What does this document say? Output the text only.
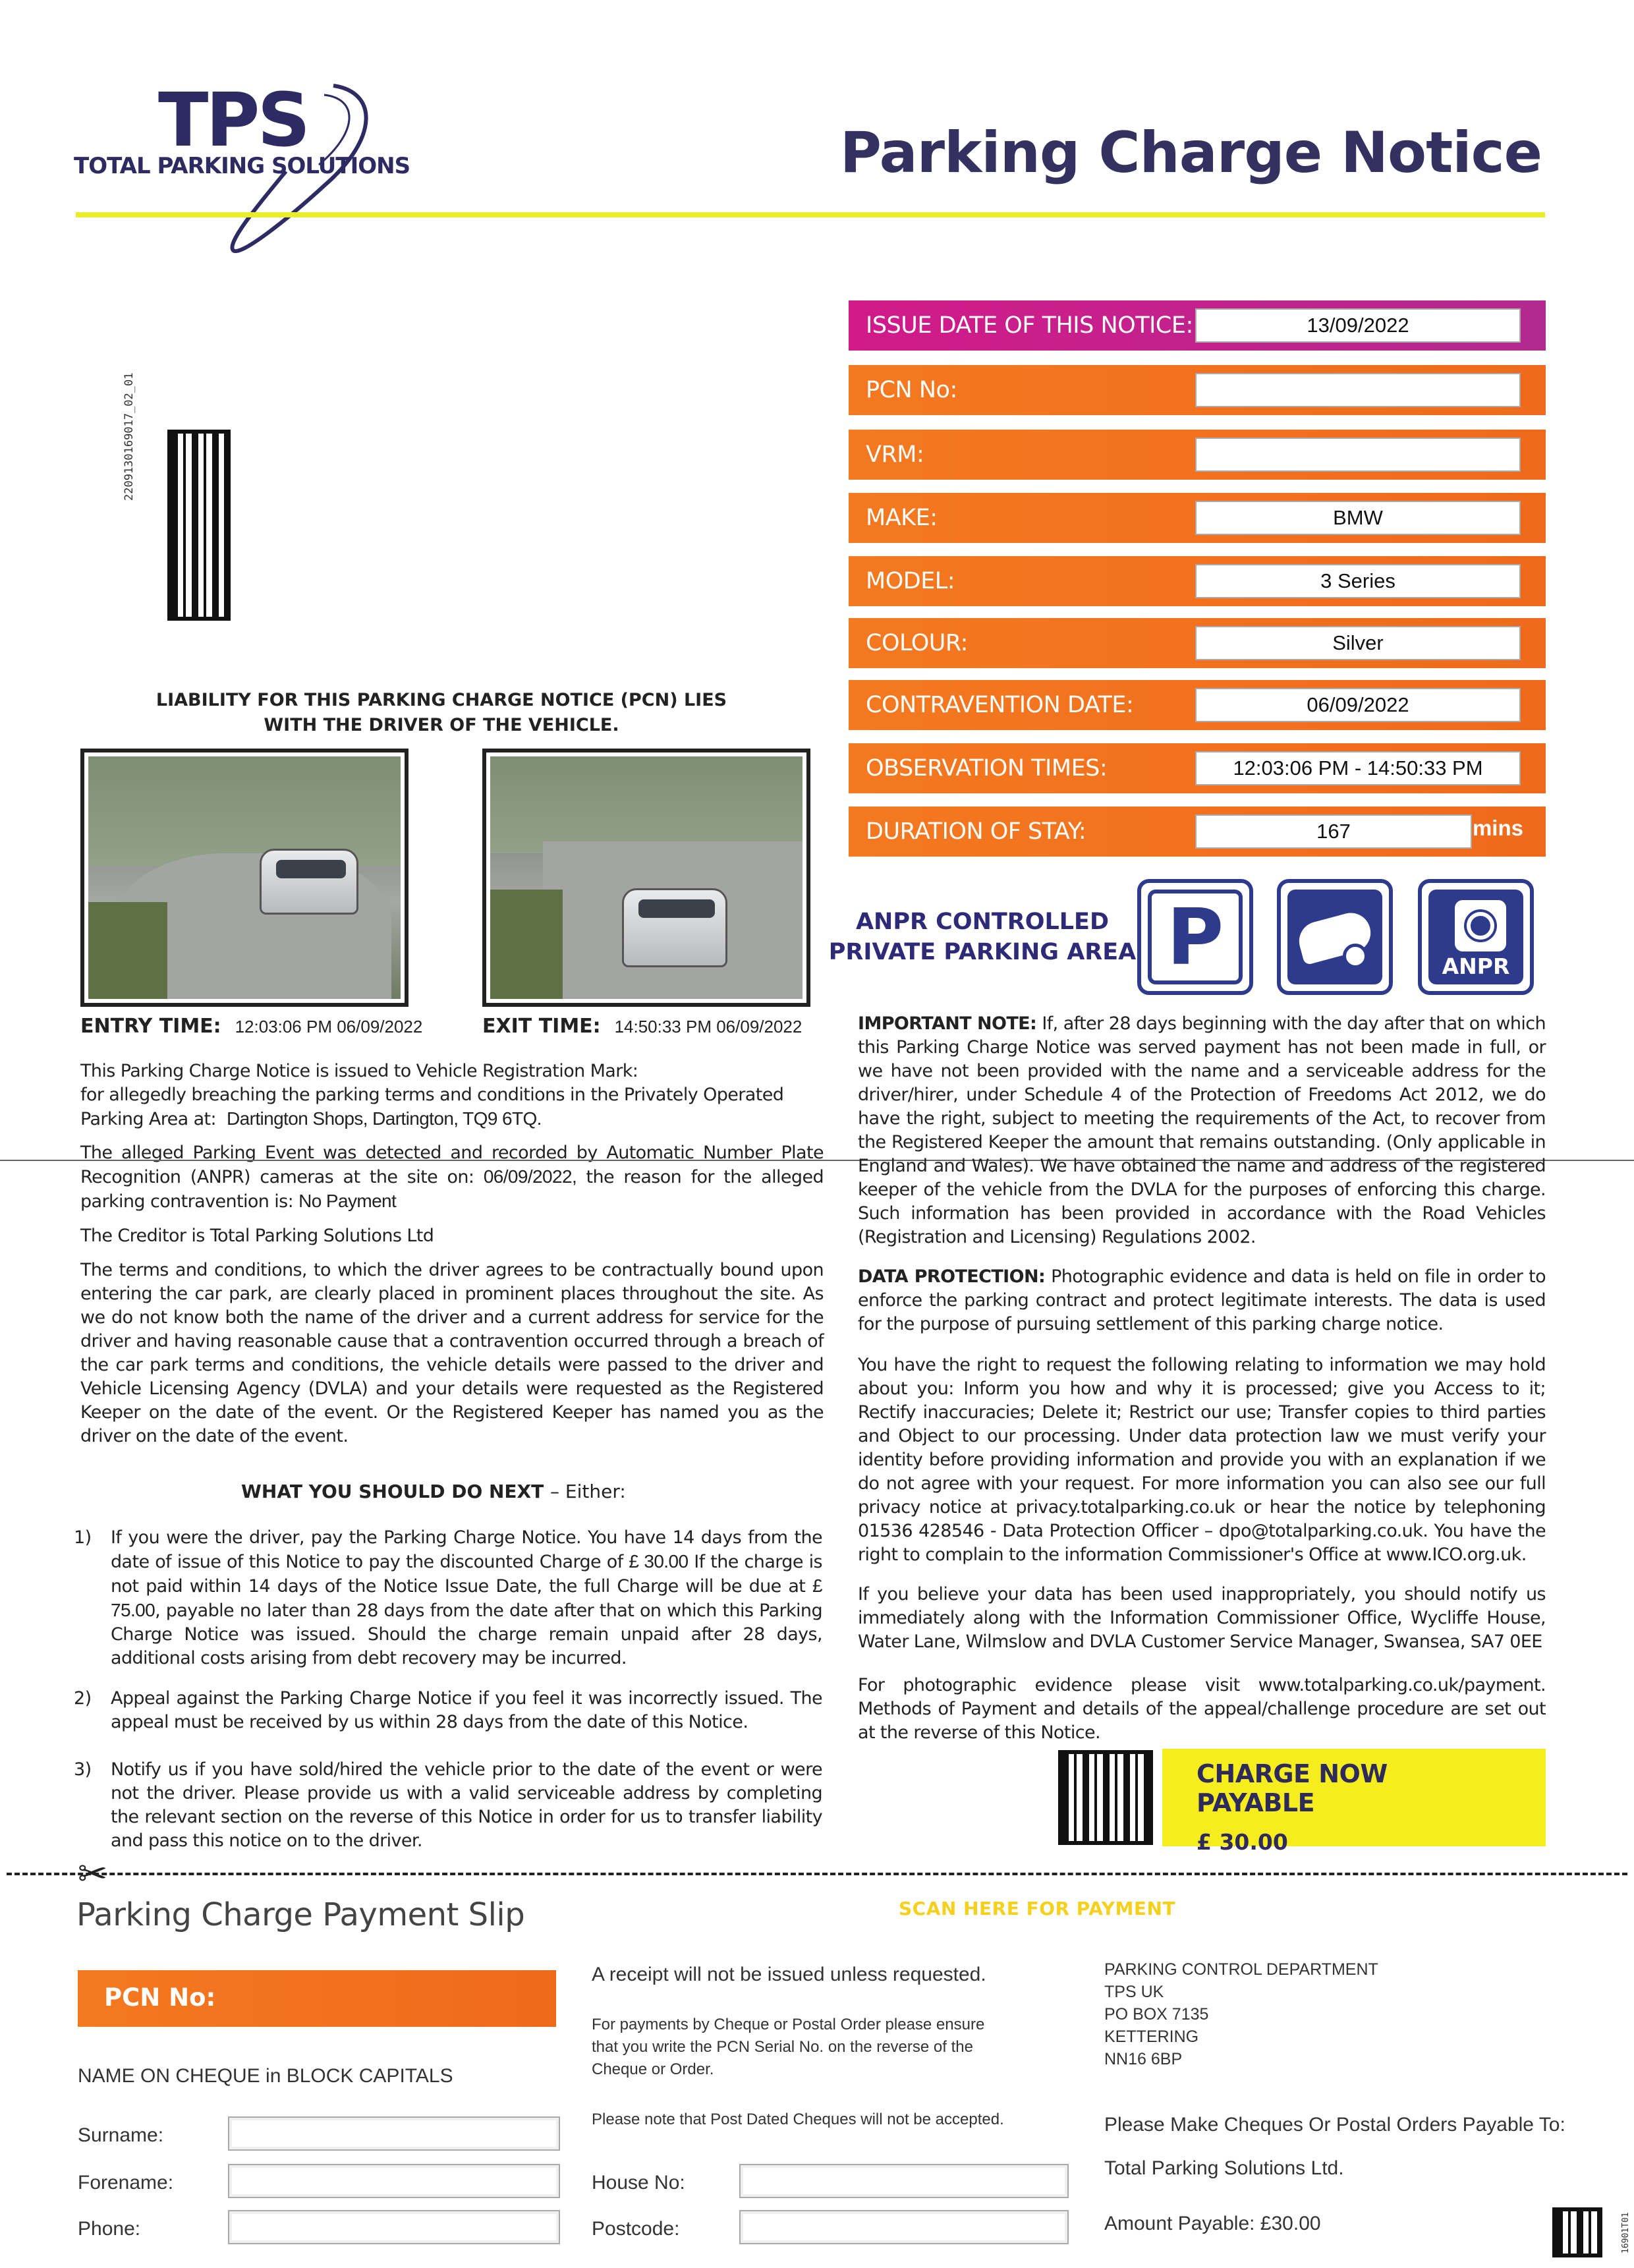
TPS
TOTAL PARKING SOLUTIONS	Parking Charge Notice
2209130169017_02_01
ISSUE DATE OF THIS NOTICE:	13/09/2022
PCN No:
VRM:
MAKE:	BMW
MODEL:	3 Series
COLOUR:	Silver
CONTRAVENTION DATE:	06/09/2022
OBSERVATION TIMES:	12:03:06 PM - 14:50:33 PM
DURATION OF STAY:	167	mins
LIABILITY FOR THIS PARKING CHARGE NOTICE (PCN) LIES WITH THE DRIVER OF THE VEHICLE.
ENTRY TIME: 12:03:06 PM 06/09/2022	EXIT TIME: 14:50:33 PM 06/09/2022
This Parking Charge Notice is issued to Vehicle Registration Mark:
for allegedly breaching the parking terms and conditions in the Privately Operated Parking Area at: Dartington Shops, Dartington, TQ9 6TQ.
The alleged Parking Event was detected and recorded by Automatic Number Plate Recognition (ANPR) cameras at the site on: 06/09/2022, the reason for the alleged parking contravention is: No Payment
The Creditor is Total Parking Solutions Ltd
The terms and conditions, to which the driver agrees to be contractually bound upon entering the car park, are clearly placed in prominent places throughout the site. As we do not know both the name of the driver and a current address for service for the driver and having reasonable cause that a contravention occurred through a breach of the car park terms and conditions, the vehicle details were passed to the driver and Vehicle Licensing Agency (DVLA) and your details were requested as the Registered Keeper on the date of the event. Or the Registered Keeper has named you as the driver on the date of the event.
WHAT YOU SHOULD DO NEXT – Either:
1)	If you were the driver, pay the Parking Charge Notice. You have 14 days from the date of issue of this Notice to pay the discounted Charge of £ 30.00 If the charge is not paid within 14 days of the Notice Issue Date, the full Charge will be due at £ 75.00, payable no later than 28 days from the date after that on which this Parking Charge Notice was issued. Should the charge remain unpaid after 28 days, additional costs arising from debt recovery may be incurred.
2)	Appeal against the Parking Charge Notice if you feel it was incorrectly issued. The appeal must be received by us within 28 days from the date of this Notice.
3)	Notify us if you have sold/hired the vehicle prior to the date of the event or were not the driver. Please provide us with a valid serviceable address by completing the relevant section on the reverse of this Notice in order for us to transfer liability and pass this notice on to the driver.
ANPR CONTROLLED
PRIVATE PARKING AREA P	ANPR
IMPORTANT NOTE: If, after 28 days beginning with the day after that on which this Parking Charge Notice was served payment has not been made in full, or we have not been provided with the name and a serviceable address for the driver/hirer, under Schedule 4 of the Protection of Freedoms Act 2012, we do have the right, subject to meeting the requirements of the Act, to recover from the Registered Keeper the amount that remains outstanding. (Only applicable in England and Wales). We have obtained the name and address of the registered keeper of the vehicle from the DVLA for the purposes of enforcing this charge. Such information has been provided in accordance with the Road Vehicles (Registration and Licensing) Regulations 2002.
DATA PROTECTION: Photographic evidence and data is held on file in order to enforce the parking contract and protect legitimate interests. The data is used for the purpose of pursuing settlement of this parking charge notice.
You have the right to request the following relating to information we may hold about you: Inform you how and why it is processed; give you Access to it; Rectify inaccuracies; Delete it; Restrict our use; Transfer copies to third parties and Object to our processing. Under data protection law we must verify your identity before providing information and provide you with an explanation if we do not agree with your request. For more information you can also see our full privacy notice at privacy.totalparking.co.uk or hear the notice by telephoning 01536 428546 - Data Protection Officer – dpo@totalparking.co.uk. You have the right to complain to the information Commissioner's Office at www.ICO.org.uk.
If you believe your data has been used inappropriately, you should notify us immediately along with the Information Commissioner Office, Wycliffe House, Water Lane, Wilmslow and DVLA Customer Service Manager, Swansea, SA7 0EE
For photographic evidence please visit www.totalparking.co.uk/payment. Methods of Payment and details of the appeal/challenge procedure are set out at the reverse of this Notice.
CHARGE NOW PAYABLE
£ 30.00
✂
Parking Charge Payment Slip	SCAN HERE FOR PAYMENT
PCN No:
NAME ON CHEQUE in BLOCK CAPITALS
Surname:
Forename:
Phone:
A receipt will not be issued unless requested.
For payments by Cheque or Postal Order please ensure that you write the PCN Serial No. on the reverse of the Cheque or Order.
Please note that Post Dated Cheques will not be accepted.
House No:
Postcode:
PARKING CONTROL DEPARTMENT
TPS UK
PO BOX 7135
KETTERING
NN16 6BP
Please Make Cheques Or Postal Orders Payable To:
Total Parking Solutions Ltd.
Amount Payable: £30.00	16901T01
